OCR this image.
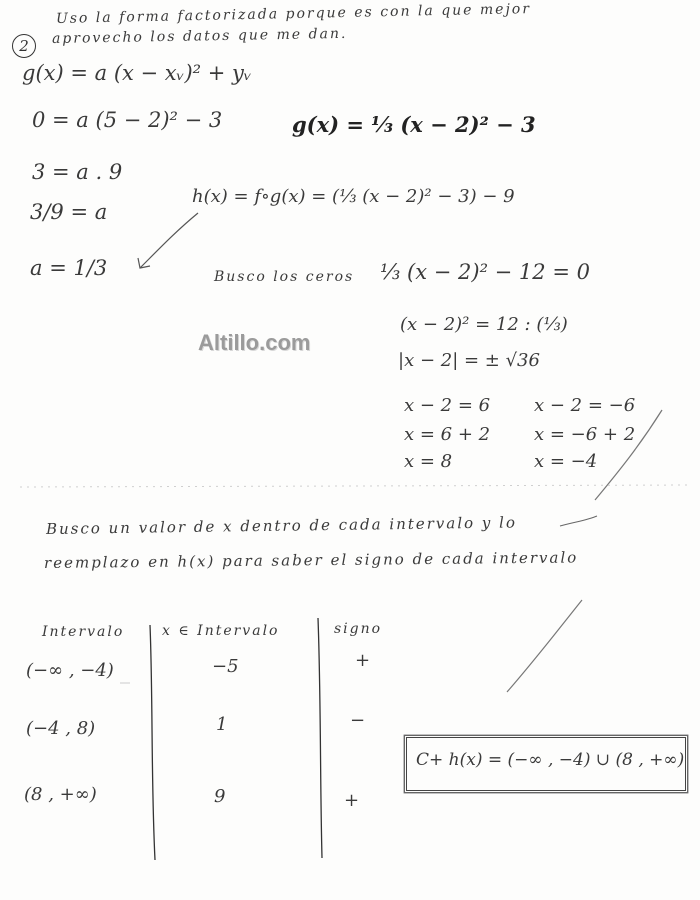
2
Uso la forma factorizada porque es con la que mejor
aprovecho los datos que me dan.
g(x) = a (x − xᵥ)² + yᵥ
0 = a (5 − 2)² − 3
3 = a . 9
3/9 = a
a = 1/3
g(x) = ⅓ (x − 2)² − 3
h(x) = f∘g(x) = (⅓ (x − 2)² − 3) − 9
Busco los ceros ⅓ (x − 2)² − 12 = 0
(x − 2)² = 12 : (⅓)
|x − 2| = ± √36
Altillo.com
x − 2 = 6
x = 6 + 2
x = 8
x − 2 = −6
x = −6 + 2
x = −4
Busco un valor de x dentro de cada intervalo y lo
reemplazo en h(x) para saber el signo de cada intervalo
Intervalo	x ∈ Intervalo	signo
(−∞ , −4)	−5	+
(−4 , 8)	1	−
(8 , +∞)	9	+
C+ h(x) = (−∞ , −4) ∪ (8 , +∞)
